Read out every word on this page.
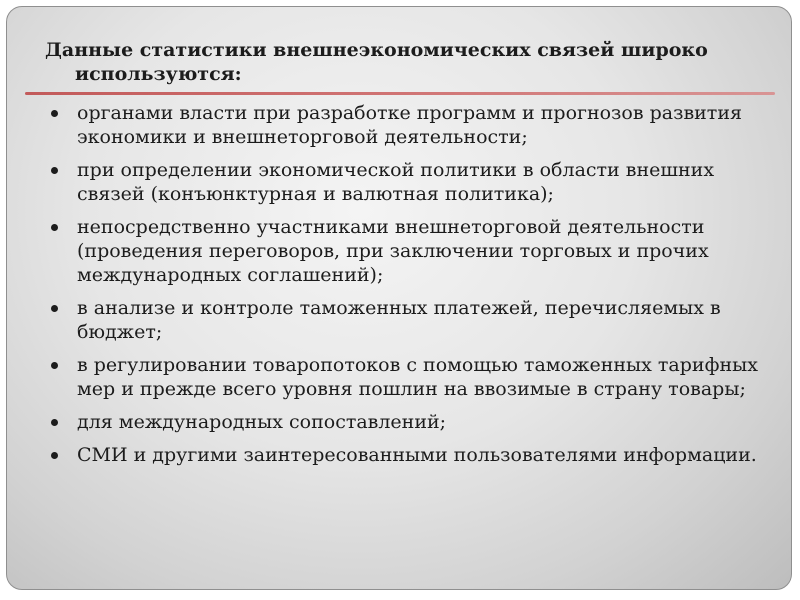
Данные статистики внешнеэкономических связей широко используются:

органами власти при разработке программ и прогнозов развития экономики и внешнеторговой деятельности;
при определении экономической политики в области внешних связей (конъюнктурная и валютная политика);
непосредственно участниками внешнеторговой деятельности (проведения переговоров, при заключении торговых и прочих международных соглашений);
в анализе и контроле таможенных платежей, перечисляемых в бюджет;
в регулировании товаропотоков с помощью таможенных тарифных мер и прежде всего уровня пошлин на ввозимые в страну товары;
для международных сопоставлений;
СМИ и другими заинтересованными пользователями информации.
